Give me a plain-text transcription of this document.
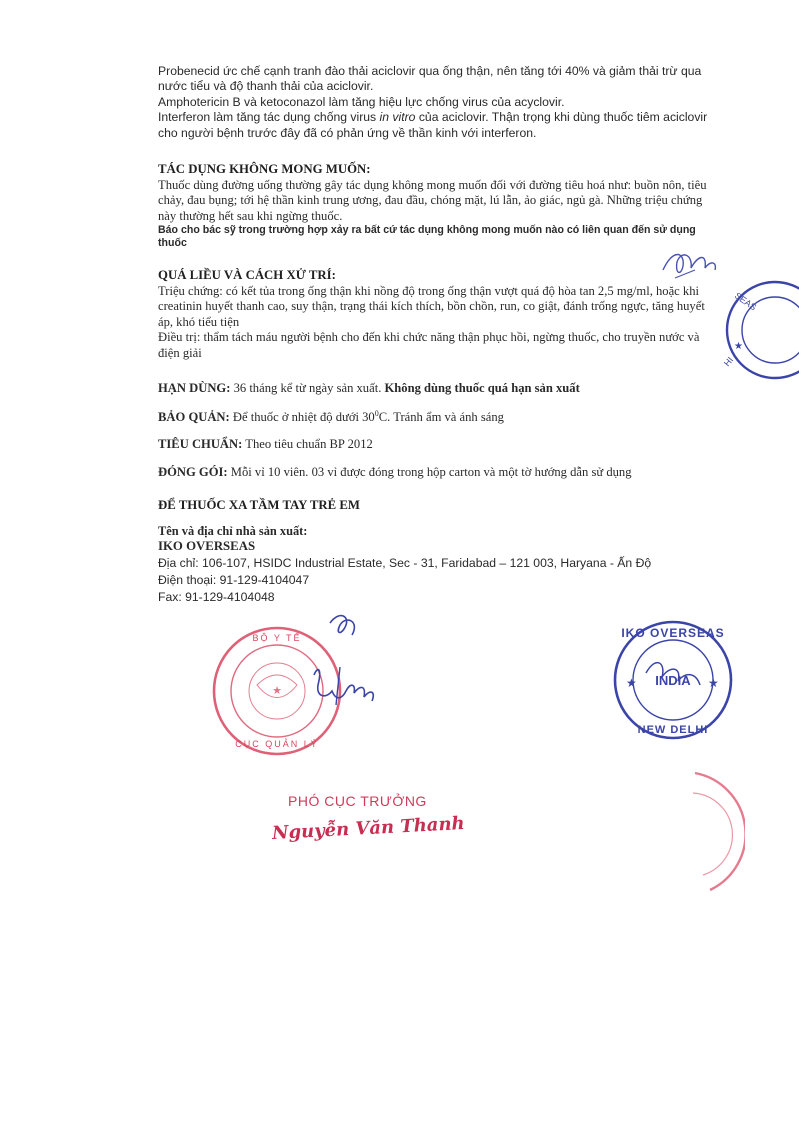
Probenecid ức chế cạnh tranh đào thải aciclovir qua ống thận, nên tăng tới 40% và giảm thải trừ qua nước tiểu và độ thanh thải của aciclovir.

Amphotericin B và ketoconazol làm tăng hiệu lực chống virus của acyclovir.

Interferon làm tăng tác dụng chống virus in vitro của aciclovir. Thận trọng khi dùng thuốc tiêm aciclovir cho người bệnh trước đây đã có phản ứng về thần kinh với interferon.

TÁC DỤNG KHÔNG MONG MUỐN:

Thuốc dùng đường uống thường gây tác dụng không mong muốn đối với đường tiêu hoá như: buồn nôn, tiêu chảy, đau bụng; tới hệ thần kinh trung ương, đau đầu, chóng mặt, lú lẫn, ảo giác, ngủ gà. Những triệu chứng này thường hết sau khi ngừng thuốc.

Báo cho bác sỹ trong trường hợp xảy ra bất cứ tác dụng không mong muốn nào có liên quan đến sử dụng thuốc

QUÁ LIỀU VÀ CÁCH XỬ TRÍ:

Triệu chứng: có kết tủa trong ống thận khi nồng độ trong ống thận vượt quá độ hòa tan 2,5 mg/ml, hoặc khi creatinin huyết thanh cao, suy thận, trạng thái kích thích, bồn chồn, run, co giật, đánh trống ngực, tăng huyết áp, khó tiểu tiện

Điều trị: thẩm tách máu người bệnh cho đến khi chức năng thận phục hồi, ngừng thuốc, cho truyền nước và điện giải

HẠN DÙNG: 36 tháng kể từ ngày sản xuất. Không dùng thuốc quá hạn sản xuất

BẢO QUẢN: Để thuốc ở nhiệt độ dưới $30^0C$. Tránh ẩm và ánh sáng

TIÊU CHUẨN: Theo tiêu chuẩn BP 2012

ĐÓNG GÓI: Mỗi vỉ 10 viên. 03 vỉ được đóng trong hộp carton và một tờ hướng dẫn sử dụng

ĐỂ THUỐC XA TẦM TAY TRẺ EM

Tên và địa chỉ nhà sản xuất:

IKO OVERSEAS

Địa chỉ: 106-107, HSIDC Industrial Estate, Sec - 31, Faridabad – 121 003, Haryana - Ấn Độ

Điện thoại: 91-129-4104047

Fax: 91-129-4104048

SEAS
HI
★
★
BỘ Y TẾ
CỤC QUẢN LÝ
IKO OVERSEAS
INDIA
NEW DELHI
★	★

PHÓ CỤC TRƯỞNG

Nguyễn Văn Thanh
